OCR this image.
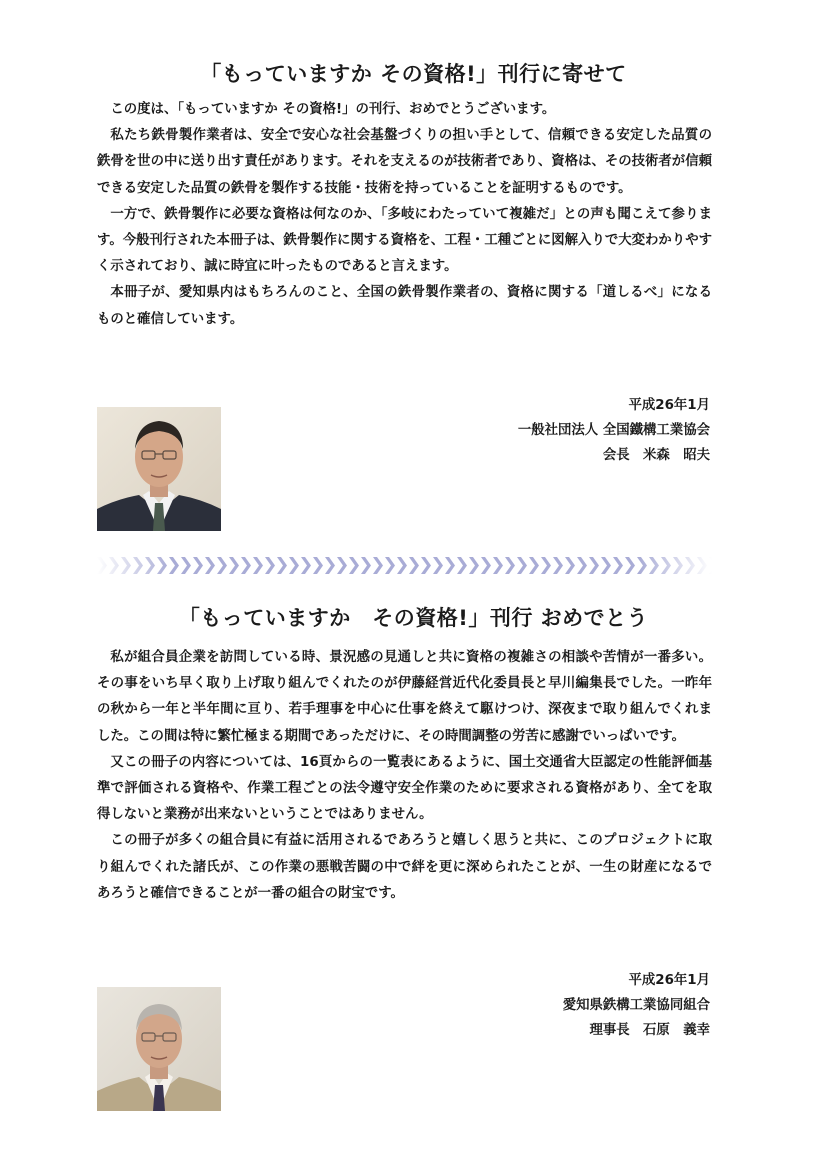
「もっていますか その資格!」刊行に寄せて

この度は、「もっていますか その資格!」の刊行、おめでとうございます。

私たち鉄骨製作業者は、安全で安心な社会基盤づくりの担い手として、信頼できる安定した品質の鉄骨を世の中に送り出す責任があります。それを支えるのが技術者であり、資格は、その技術者が信頼できる安定した品質の鉄骨を製作する技能・技術を持っていることを証明するものです。

一方で、鉄骨製作に必要な資格は何なのか、「多岐にわたっていて複雑だ」との声も聞こえて参ります。今般刊行された本冊子は、鉄骨製作に関する資格を、工程・工種ごとに図解入りで大変わかりやすく示されており、誠に時宜に叶ったものであると言えます。

本冊子が、愛知県内はもちろんのこと、全国の鉄骨製作業者の、資格に関する「道しるべ」になるものと確信しています。

平成26年1月
一般社団法人 全国鐵構工業協会
会長　米森　昭夫
「もっていますか　その資格!」刊行 おめでとう

私が組合員企業を訪問している時、景況感の見通しと共に資格の複雑さの相談や苦情が一番多い。その事をいち早く取り上げ取り組んでくれたのが伊藤経営近代化委員長と早川編集長でした。一昨年の秋から一年と半年間に亘り、若手理事を中心に仕事を終えて駆けつけ、深夜まで取り組んでくれました。この間は特に繁忙極まる期間であっただけに、その時間調整の労苦に感謝でいっぱいです。

又この冊子の内容については、16頁からの一覧表にあるように、国土交通省大臣認定の性能評価基準で評価される資格や、作業工程ごとの法令遵守安全作業のために要求される資格があり、全てを取得しないと業務が出来ないということではありません。

この冊子が多くの組合員に有益に活用されるであろうと嬉しく思うと共に、このプロジェクトに取り組んでくれた諸氏が、この作業の悪戦苦闘の中で絆を更に深められたことが、一生の財産になるであろうと確信できることが一番の組合の財宝です。

平成26年1月
愛知県鉄構工業協同組合
理事長　石原　義幸
